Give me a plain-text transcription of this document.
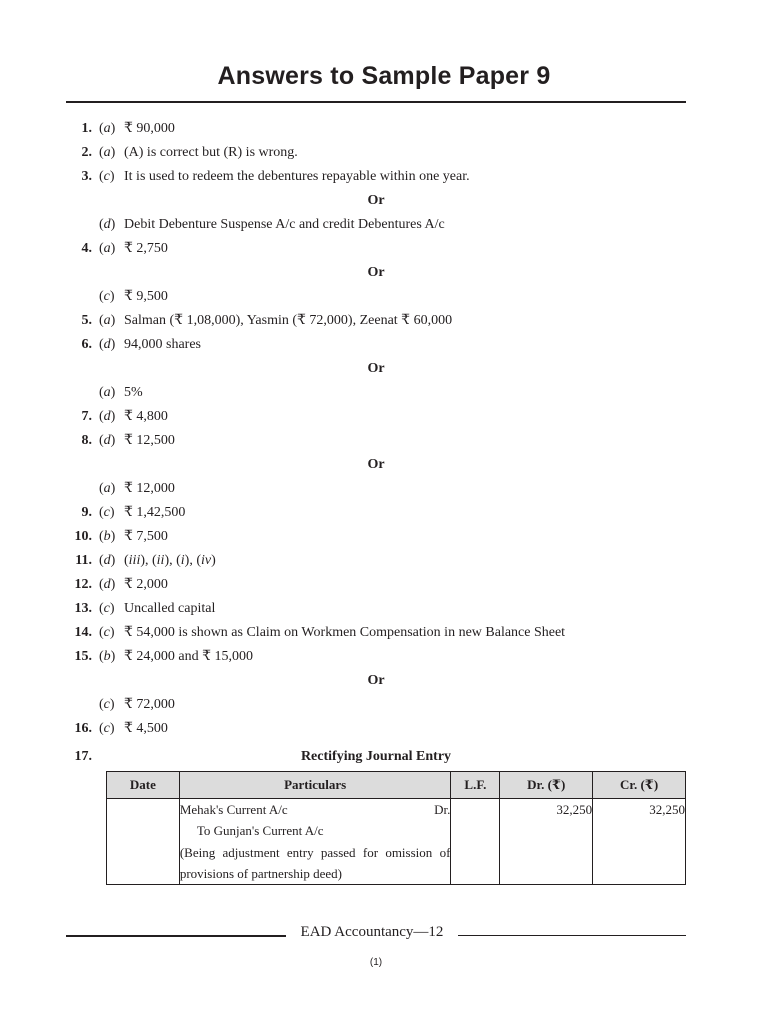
Answers to Sample Paper 9
1. (a) ₹ 90,000
2. (a) (A) is correct but (R) is wrong.
3. (c) It is used to redeem the debentures repayable within one year.
Or
(d) Debit Debenture Suspense A/c and credit Debentures A/c
4. (a) ₹ 2,750
Or
(c) ₹ 9,500
5. (a) Salman (₹ 1,08,000), Yasmin (₹ 72,000), Zeenat ₹ 60,000
6. (d) 94,000 shares
Or
(a) 5%
7. (d) ₹ 4,800
8. (d) ₹ 12,500
Or
(a) ₹ 12,000
9. (c) ₹ 1,42,500
10. (b) ₹ 7,500
11. (d) (iii), (ii), (i), (iv)
12. (d) ₹ 2,000
13. (c) Uncalled capital
14. (c) ₹ 54,000 is shown as Claim on Workmen Compensation in new Balance Sheet
15. (b) ₹ 24,000 and ₹ 15,000
Or
(c) ₹ 72,000
16. (c) ₹ 4,500
17.	Rectifying Journal Entry
Date	Particulars	L.F.	Dr. (₹)	Cr. (₹)

	Mehak's Current A/c Dr.
To Gunjan's Current A/c
(Being adjustment entry passed for omission of provisions of partnership deed)		32,250	32,250
EAD Accountancy—12
(1)
